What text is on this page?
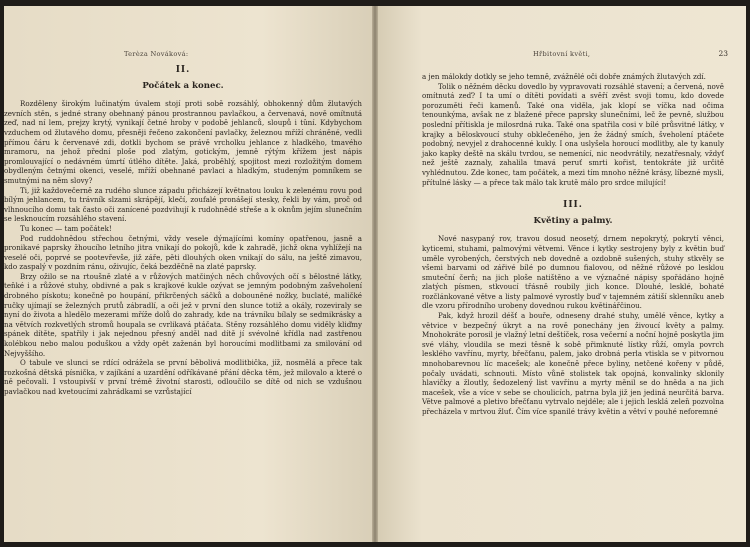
Terèza Nováková:
II.
Počátek a konec.

Rozděleny širokým lučinatým úvalem stojí proti sobě rozsáhlý, obhokenný dům žlutavých zevních stěn, s jedné strany obehnaný pánou prostrannou pavlačkou, a červenavá, nově omítnutá zeď, nad ní lem, prejzy krytý, vynikají četné hroby v podobě jehlanců, sloupů i tûní. Kdybychom vzduchem od žlutavého domu, přesněji řečeno zakončení pavlačky, železnou mříží chráněné, vedli přímou čáru k červenavé zdi, dotkli bychom se právě vrcholku jehlance z hladkého, tmavého mramoru, na jehož přední ploše pod zlatým, gotickým, jemně rýtým křížem jest nápis promlouvající o nedávném úmrtí útlého dítěte. Jaká, proběhlý, spojitost mezi rozložitým domem obydleným četnými okenci, veselé, mříží obehnané pavlaci a hladkým, studeným pomníkem se smutnými na něm slovy?

Ti, již každovečerně za rudého slunce západu přicházejí květnatou louku k zelenému rovu pod bílým jehlancem, tu trávník slzami skrápějí, klečí, zoufalé pronášejí stesky, řekli by vám, proč od vlhnoucího domu tak často oči zanícené pozdvihují k rudohnědé střeše a k oknům jejím slunečním se lesknoucím rozsáhlého stavení.

Tu konec — tam počátek!

Pod ruddohnědou střechou četnými, vždy vesele dýmajícími komíny opatřenou, jasně a pronikavé paprsky žhoucího letního jitra vnikají do pokojů, kde k zahradě, jichž okna vyhlížejí na veselé oči, poprvé se pootevřevše, již záře, pěti dlouhých oken vnikají do sálu, na ještě zimavou, kdo zaspalý v pozdním ránu, oživujíc, čeká bezděčně na zlaté paprsky.

Brzy ožilo se na rtoušně zlaté a v růžových matčiných něch chůvových očí s bělostné látky, teňké i a růžové stuhy, obdivné a pak s krajkové kukle ozývat se jemným podobným zašveholení drobného pískotu; konečně po houpání, přikrčených sáčků a dobouněné nožky, buclaté, maličké ručky ujímají se železných prutů zábradlí, a oči jež v první den slunce totiž a okály, rozeviraly se nyní do života a hledělo mezerami mříže dolů do zahrady, kde na trávníku bílaly se sedmikrásky a na větvích rozkvetlých stromů houpala se cvrlikavá ptáčata. Stěny rozsáhlého domu viděly kliďmy spánek dítěte, spatřily i jak nejednou přesný anděl nad dítě jí svévolné křídla nad zastřenou kolébkou nebo malou poduškou a vždy opět zaženán byl horoucími modlitbami za smilování od Nejvyššího.

O tabule ve slunci se rdící odrážela se první běbolivá modlitbička, jíž, nosmělá a přece tak rozkošná dětská písnička, v zajíkání a uzardění odříkávané přání děcka těm, jež milovalo a které o ně pečovali. I vstoupivší v první trémě životní starosti, odloučilo se dítě od nich se vzdušnou pavlačkou nad kvetoucími zahrádkami se vzrůstající

Hřbitovní květi,	23

a jen málokdy dotkly se jeho temně, zvážnělé oči dobře známých žlutavých zdí.

Tolik o něžném děcku dovedlo by vypravovati rozsáhlé stavení; a červená, nově omítnutá zeď? I ta umí o dítěti povídati a svěří zvěst svoji tomu, kdo dovede porozuměti řeči kamenů. Také ona viděla, jak klopí se víčka nad očima tenounkýma, avšak ne z blažené přece paprsky slunečními, leč že pevně, službou poslední přítiskla je milosrdná ruka. Také ona spatřila cosi v bílé průsvitné látky, v krajky a běloskvoucí stuhy obklečeného, jen že žádný smích, šveholení ptáčete podobný, nevyjel z drahocenné kukly. I ona uslyšela horoucí modlitby, ale ty kanuly jako kapky deště na skálu tvrdou, se nemenící, nic neodvrátily, nezatřesnaly, vždyť než ještě zaznaly, zahalila tmavá peruť smrti kořist, tentokráte již určitě vyhlédnutou. Zde konec, tam počátek, a mezi tím mnoho něžné krásy, líbezné mysli, přítulné lásky — a přece tak málo tak krutě málo pro srdce milující!

III.
Květiny a palmy.

Nové nasypaný rov, travou dosud neosetý, drnem nepokrytý, pokrytí věnci, kyticemi, stuhami, palmovými větvemi. Věnce i kytky sestrojeny byly z květin buď uměle vyrobených, čerstvých neb dovedně a ozdobně sušených, stuhy stkvěly se všemi barvami od zářivé bílé po dumnou fialovou, od něžné růžové po lesklou smuteční čerň; na jich ploše natištěno a ve význačné nápisy spořádáno hojně zlatých písmen, stkvoucí třásně roubily jich konce. Dlouhé, lesklé, bohaté rozčlánkované větve a listy palmové vyrostly buď v tajemném zátiší sklenníku aneb dle vzoru přírodního urobeny dovednou rukou květinářčinou.

Pak, když hrozil déšť a bouře, odneseny drahé stuhy, umělé věnce, kytky a větvice v bezpečný úkryt a na rově ponechány jen živoucí květy a palmy. Mnohokráte porosil je vlažný letní deštíček, rosa večerní a noční hojně poskytla jim své vláhy, vloudila se mezi těsně k sobě přimknuté lístky růží, omyla povrch lesklého vavřínu, myrty, břečťanu, palem, jako drobná perla vtiskla se v pitvornou mnohobarevnou líc macešek; ale konečně přece byliny, netčené kořeny v půdě, počaly uvádati, schnouti. Místo vůně stolistek tak opojná, konvalinky sklonily hlavičky a žloutly, šedozelený list vavřínu a myrty měnil se do hněda a na jich macešek, vše a více v sebe se choulicích, patrna byla již jen jediná neurčitá barva. Větve palmové a pletivo břečťanu vytrvalo nejdéle; ale i jejich lesklá zeleň pozvolna přecházela v mrtvou žluť. Čím více spanilé trávy květin a větví v pouhé neforemné
